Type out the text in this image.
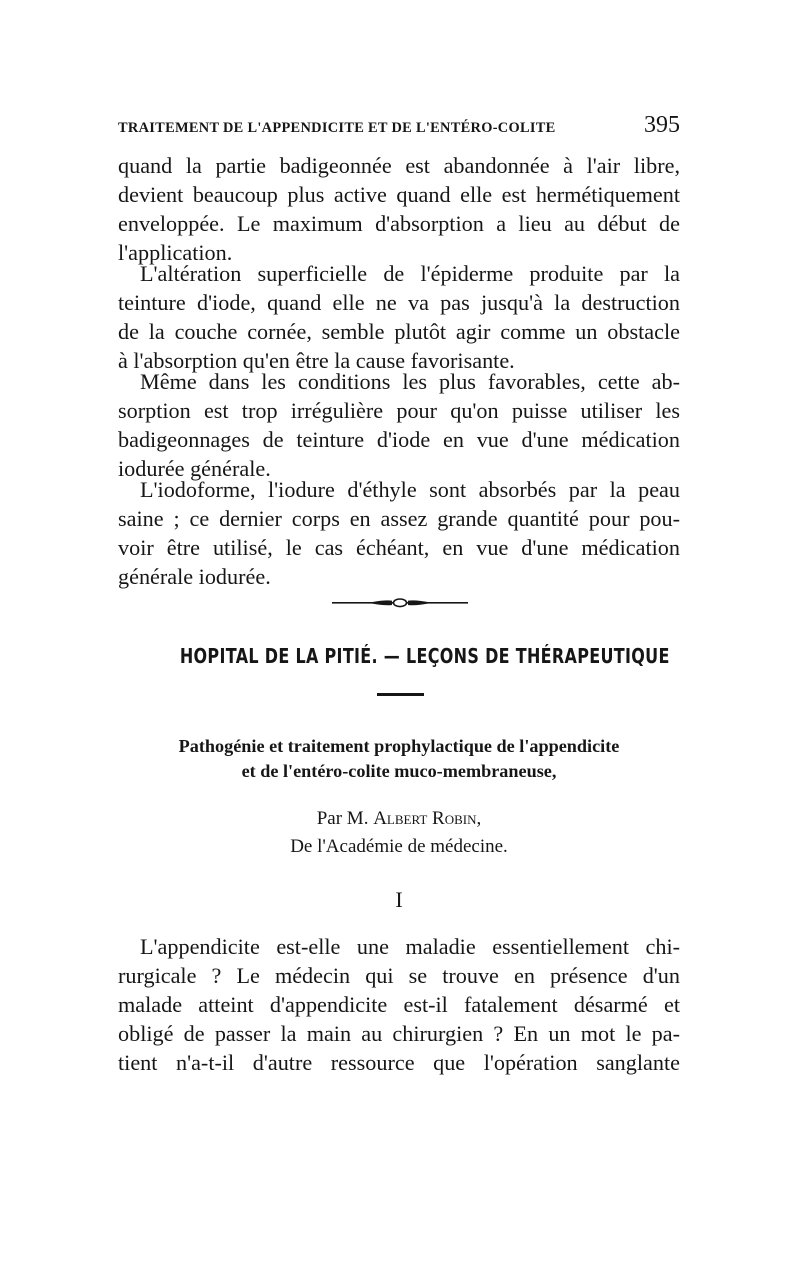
TRAITEMENT DE L'APPENDICITE ET DE L'ENTÉRO-COLITE	395
quand la partie badigeonnée est abandonnée à l'air libre,
devient beaucoup plus active quand elle est hermétiquement
enveloppée. Le maximum d'absorption a lieu au début de
l'application.
L'altération superficielle de l'épiderme produite par la
teinture d'iode, quand elle ne va pas jusqu'à la destruction
de la couche cornée, semble plutôt agir comme un obstacle
à l'absorption qu'en être la cause favorisante.
Même dans les conditions les plus favorables, cette ab-
sorption est trop irrégulière pour qu'on puisse utiliser les
badigeonnages de teinture d'iode en vue d'une médication
iodurée générale.
L'iodoforme, l'iodure d'éthyle sont absorbés par la peau
saine ; ce dernier corps en assez grande quantité pour pou-
voir être utilisé, le cas échéant, en vue d'une médication
générale iodurée.
HOPITAL DE LA PITIÉ. — LEÇONS DE THÉRAPEUTIQUE
Pathogénie et traitement prophylactique de l'appendicite
et de l'entéro-colite muco-membraneuse,
Par M. Albert Robin,
De l'Académie de médecine.
I
L'appendicite est-elle une maladie essentiellement chi-
rurgicale ? Le médecin qui se trouve en présence d'un
malade atteint d'appendicite est-il fatalement désarmé et
obligé de passer la main au chirurgien ? En un mot le pa-
tient n'a-t-il d'autre ressource que l'opération sanglante
